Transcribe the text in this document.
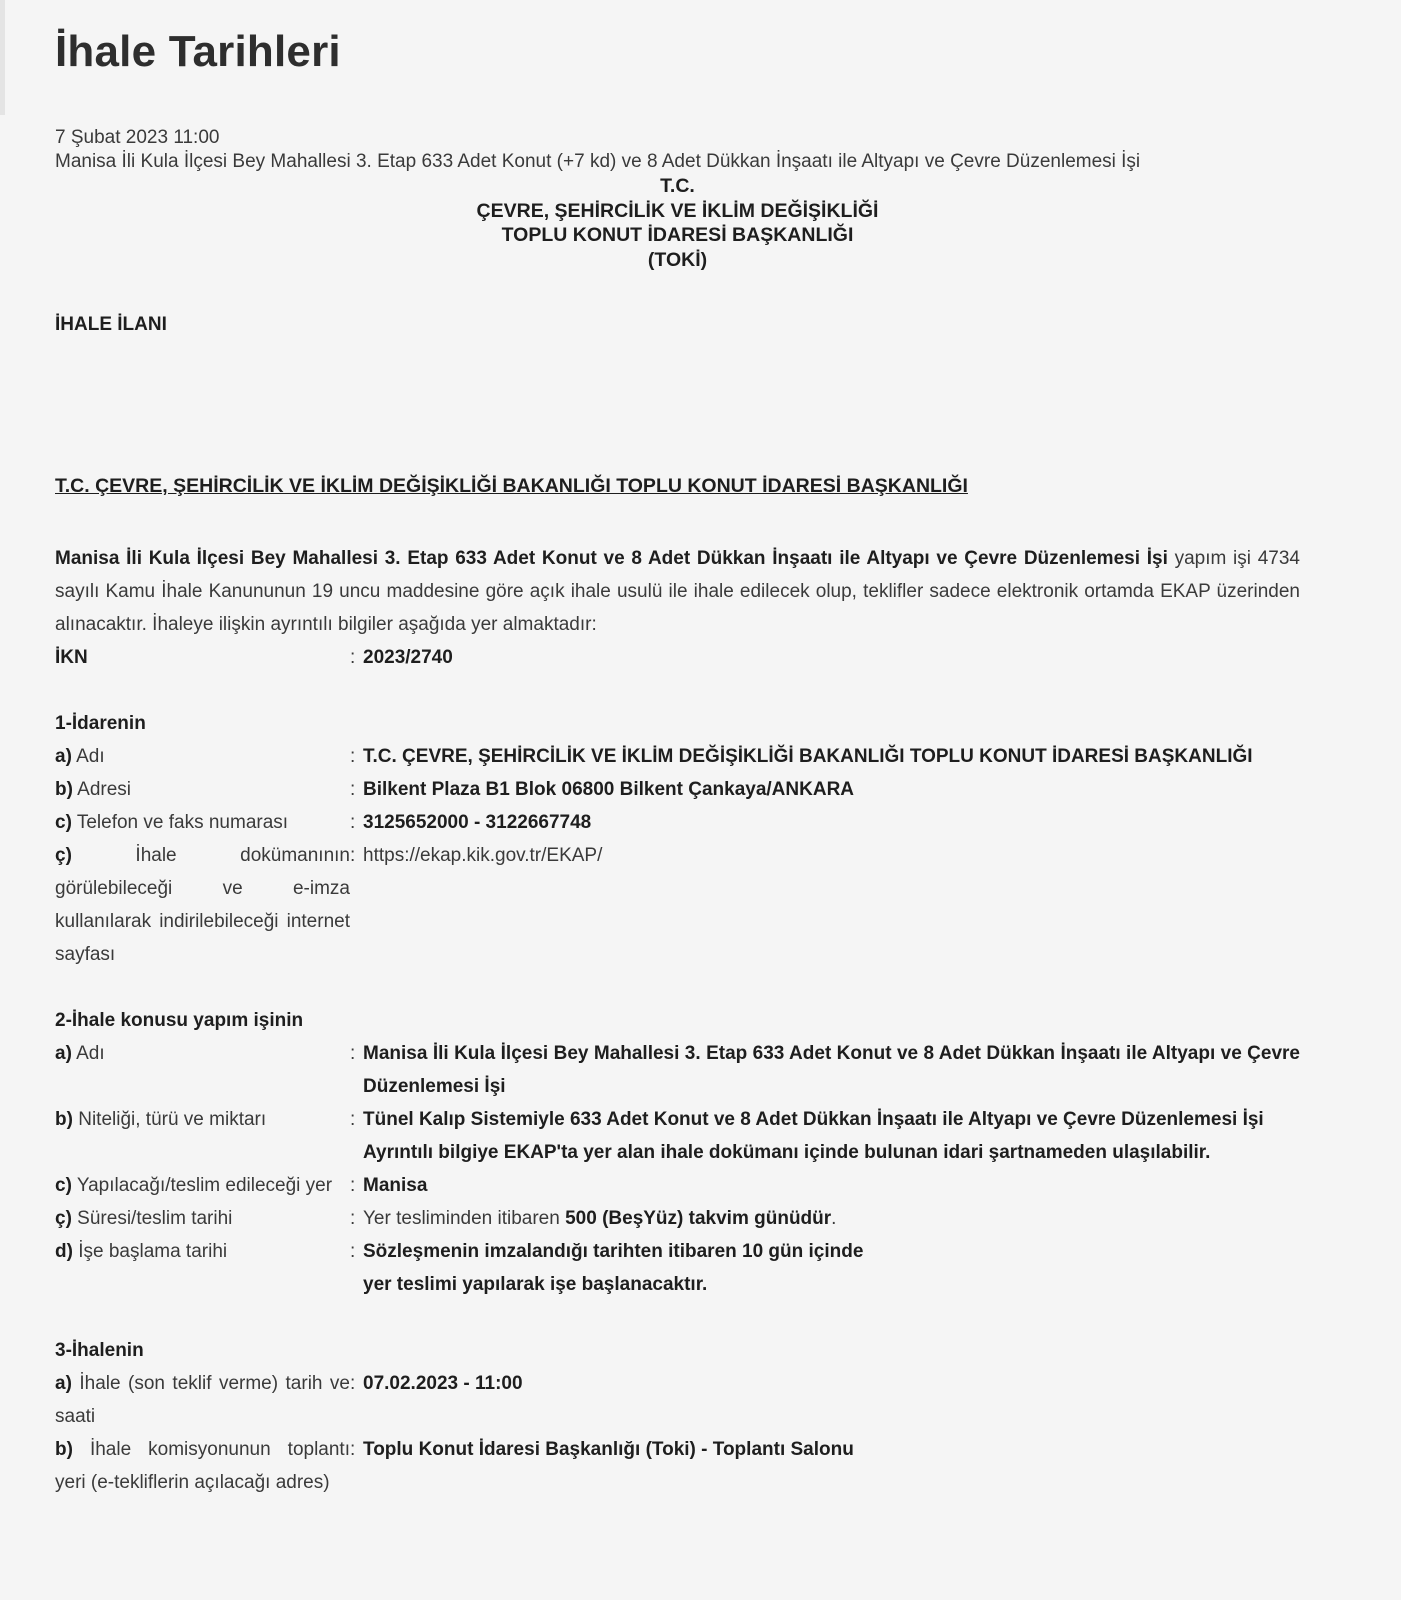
İhale Tarihleri
7 Şubat 2023 11:00
Manisa İli Kula İlçesi Bey Mahallesi 3. Etap 633 Adet Konut (+7 kd) ve 8 Adet Dükkan İnşaatı ile Altyapı ve Çevre Düzenlemesi İşi
T.C.
ÇEVRE, ŞEHİRCİLİK VE İKLİM DEĞİŞİKLİĞİ
TOPLU KONUT İDARESİ BAŞKANLIĞI
(TOKİ)
İHALE İLANI
T.C. ÇEVRE, ŞEHİRCİLİK VE İKLİM DEĞİŞİKLİĞİ BAKANLIĞI TOPLU KONUT İDARESİ BAŞKANLIĞI
Manisa İli Kula İlçesi Bey Mahallesi 3. Etap 633 Adet Konut ve 8 Adet Dükkan İnşaatı ile Altyapı ve Çevre Düzenlemesi İşi yapım işi 4734 sayılı Kamu İhale Kanununun 19 uncu maddesine göre açık ihale usulü ile ihale edilecek olup, teklifler sadece elektronik ortamda EKAP üzerinden alınacaktır. İhaleye ilişkin ayrıntılı bilgiler aşağıda yer almaktadır:
İKN	: 2023/2740
1-İdarenin
a) Adı	: T.C. ÇEVRE, ŞEHİRCİLİK VE İKLİM DEĞİŞİKLİĞİ BAKANLIĞI TOPLU KONUT İDARESİ BAŞKANLIĞI
b) Adresi	: Bilkent Plaza B1 Blok 06800 Bilkent Çankaya/ANKARA
c) Telefon ve faks numarası	: 3125652000 - 3122667748
ç) İhale dokümanının görülebileceği ve e-imza kullanılarak indirilebileceği internet sayfası
: https://ekap.kik.gov.tr/EKAP/
2-İhale konusu yapım işinin
a) Adı	: Manisa İli Kula İlçesi Bey Mahallesi 3. Etap 633 Adet Konut ve 8 Adet Dükkan İnşaatı ile Altyapı ve Çevre Düzenlemesi İşi
b) Niteliği, türü ve miktarı	: Tünel Kalıp Sistemiyle 633 Adet Konut ve 8 Adet Dükkan İnşaatı ile Altyapı ve Çevre Düzenlemesi İşi
Ayrıntılı bilgiye EKAP'ta yer alan ihale dokümanı içinde bulunan idari şartnameden ulaşılabilir.
c) Yapılacağı/teslim edileceği yer : Manisa
ç) Süresi/teslim tarihi	: Yer tesliminden itibaren 500 (BeşYüz) takvim günüdür.
d) İşe başlama tarihi	: Sözleşmenin imzalandığı tarihten itibaren 10 gün içinde
yer teslimi yapılarak işe başlanacaktır.
3-İhalenin
a) İhale (son teklif verme) tarih ve saati
: 07.02.2023 - 11:00
b) İhale komisyonunun toplantı yeri (e-tekliflerin açılacağı adres)
: Toplu Konut İdaresi Başkanlığı (Toki) - Toplantı Salonu
